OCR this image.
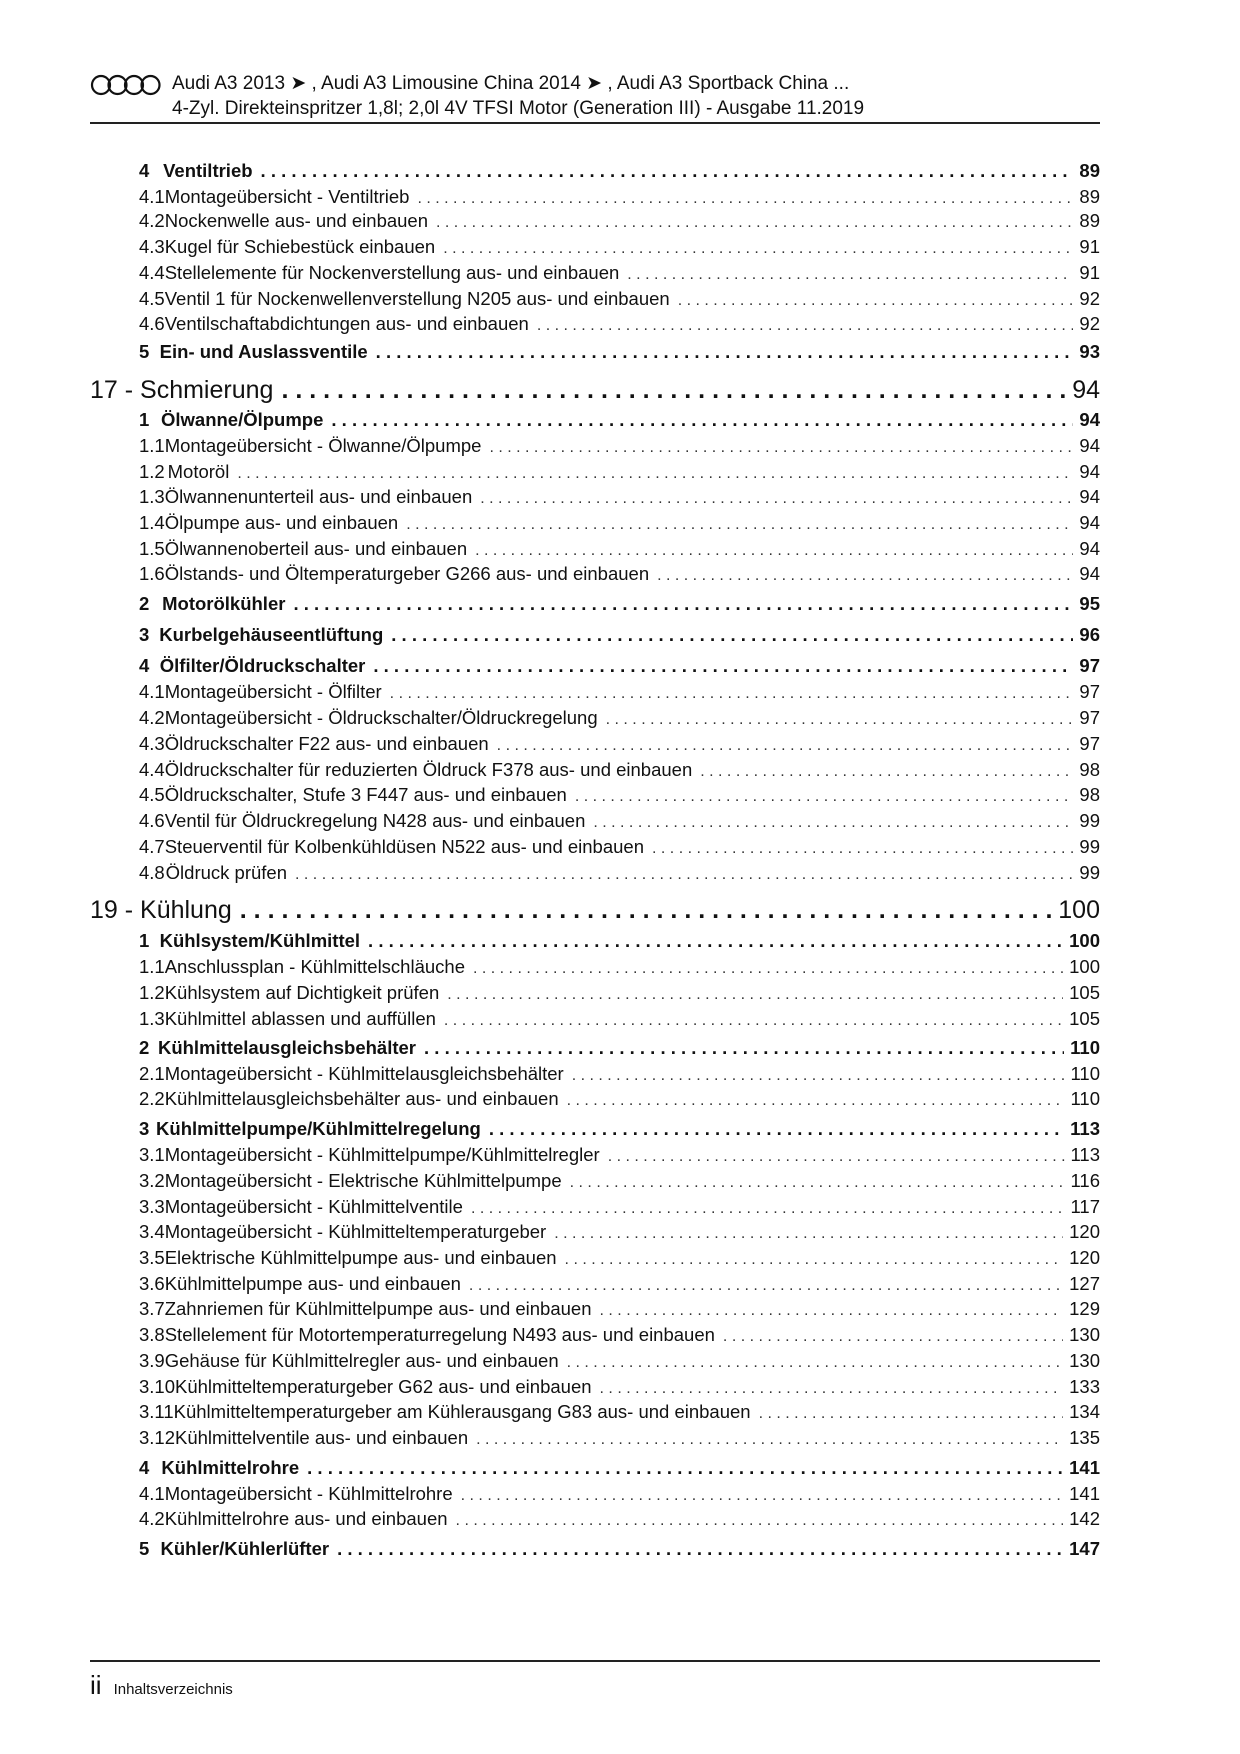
Audi A3 2013 ➤ , Audi A3 Limousine China 2014 ➤ , Audi A3 Sportback China ...
4-Zyl. Direkteinspritzer 1,8l; 2,0l 4V TFSI Motor (Generation III) - Ausgabe 11.2019
4 Ventiltrieb . . .	89
4.1 Montageübersicht - Ventiltrieb . . .	89
4.2 Nockenwelle aus- und einbauen . . .	89
4.3 Kugel für Schiebestück einbauen . . .	91
4.4 Stellelemente für Nockenverstellung aus- und einbauen . . .	91
4.5 Ventil 1 für Nockenwellenverstellung N205 aus- und einbauen . . .	92
4.6 Ventilschaftabdichtungen aus- und einbauen . . .	92
5 Ein- und Auslassventile . . .	93
17 - Schmierung . . .	94
1 Ölwanne/Ölpumpe . . .	94
1.1 Montageübersicht - Ölwanne/Ölpumpe . . .	94
1.2 Motoröl . . .	94
1.3 Ölwannenunterteil aus- und einbauen . . .	94
1.4 Ölpumpe aus- und einbauen . . .	94
1.5 Ölwannenoberteil aus- und einbauen . . .	94
1.6 Ölstands- und Öltemperaturgeber G266 aus- und einbauen . . .	94
2 Motorölkühler . . .	95
3 Kurbelgehäuseentlüftung . . .	96
4 Ölfilter/Öldruckschalter . . .	97
4.1 Montageübersicht - Ölfilter . . .	97
4.2 Montageübersicht - Öldruckschalter/Öldruckregelung . . .	97
4.3 Öldruckschalter F22 aus- und einbauen . . .	97
4.4 Öldruckschalter für reduzierten Öldruck F378 aus- und einbauen . . .	98
4.5 Öldruckschalter, Stufe 3 F447 aus- und einbauen . . .	98
4.6 Ventil für Öldruckregelung N428 aus- und einbauen . . .	99
4.7 Steuerventil für Kolbenkühldüsen N522 aus- und einbauen . . .	99
4.8 Öldruck prüfen . . .	99
19 - Kühlung . . .	100
1 Kühlsystem/Kühlmittel . . .	100
1.1 Anschlussplan - Kühlmittelschläuche . . .	100
1.2 Kühlsystem auf Dichtigkeit prüfen . . .	105
1.3 Kühlmittel ablassen und auffüllen . . .	105
2 Kühlmittelausgleichsbehälter . . .	110
2.1 Montageübersicht - Kühlmittelausgleichsbehälter . . .	110
2.2 Kühlmittelausgleichsbehälter aus- und einbauen . . .	110
3 Kühlmittelpumpe/Kühlmittelregelung . . .	113
3.1 Montageübersicht - Kühlmittelpumpe/Kühlmittelregler . . .	113
3.2 Montageübersicht - Elektrische Kühlmittelpumpe . . .	116
3.3 Montageübersicht - Kühlmittelventile . . .	117
3.4 Montageübersicht - Kühlmitteltemperaturgeber . . .	120
3.5 Elektrische Kühlmittelpumpe aus- und einbauen . . .	120
3.6 Kühlmittelpumpe aus- und einbauen . . .	127
3.7 Zahnriemen für Kühlmittelpumpe aus- und einbauen . . .	129
3.8 Stellelement für Motortemperaturregelung N493 aus- und einbauen . . .	130
3.9 Gehäuse für Kühlmittelregler aus- und einbauen . . .	130
3.10 Kühlmitteltemperaturgeber G62 aus- und einbauen . . .	133
3.11 Kühlmitteltemperaturgeber am Kühlerausgang G83 aus- und einbauen . . .	134
3.12 Kühlmittelventile aus- und einbauen . . .	135
4 Kühlmittelrohre . . .	141
4.1 Montageübersicht - Kühlmittelrohre . . .	141
4.2 Kühlmittelrohre aus- und einbauen . . .	142
5 Kühler/Kühlerlüfter . . .	147
ii Inhaltsverzeichnis
